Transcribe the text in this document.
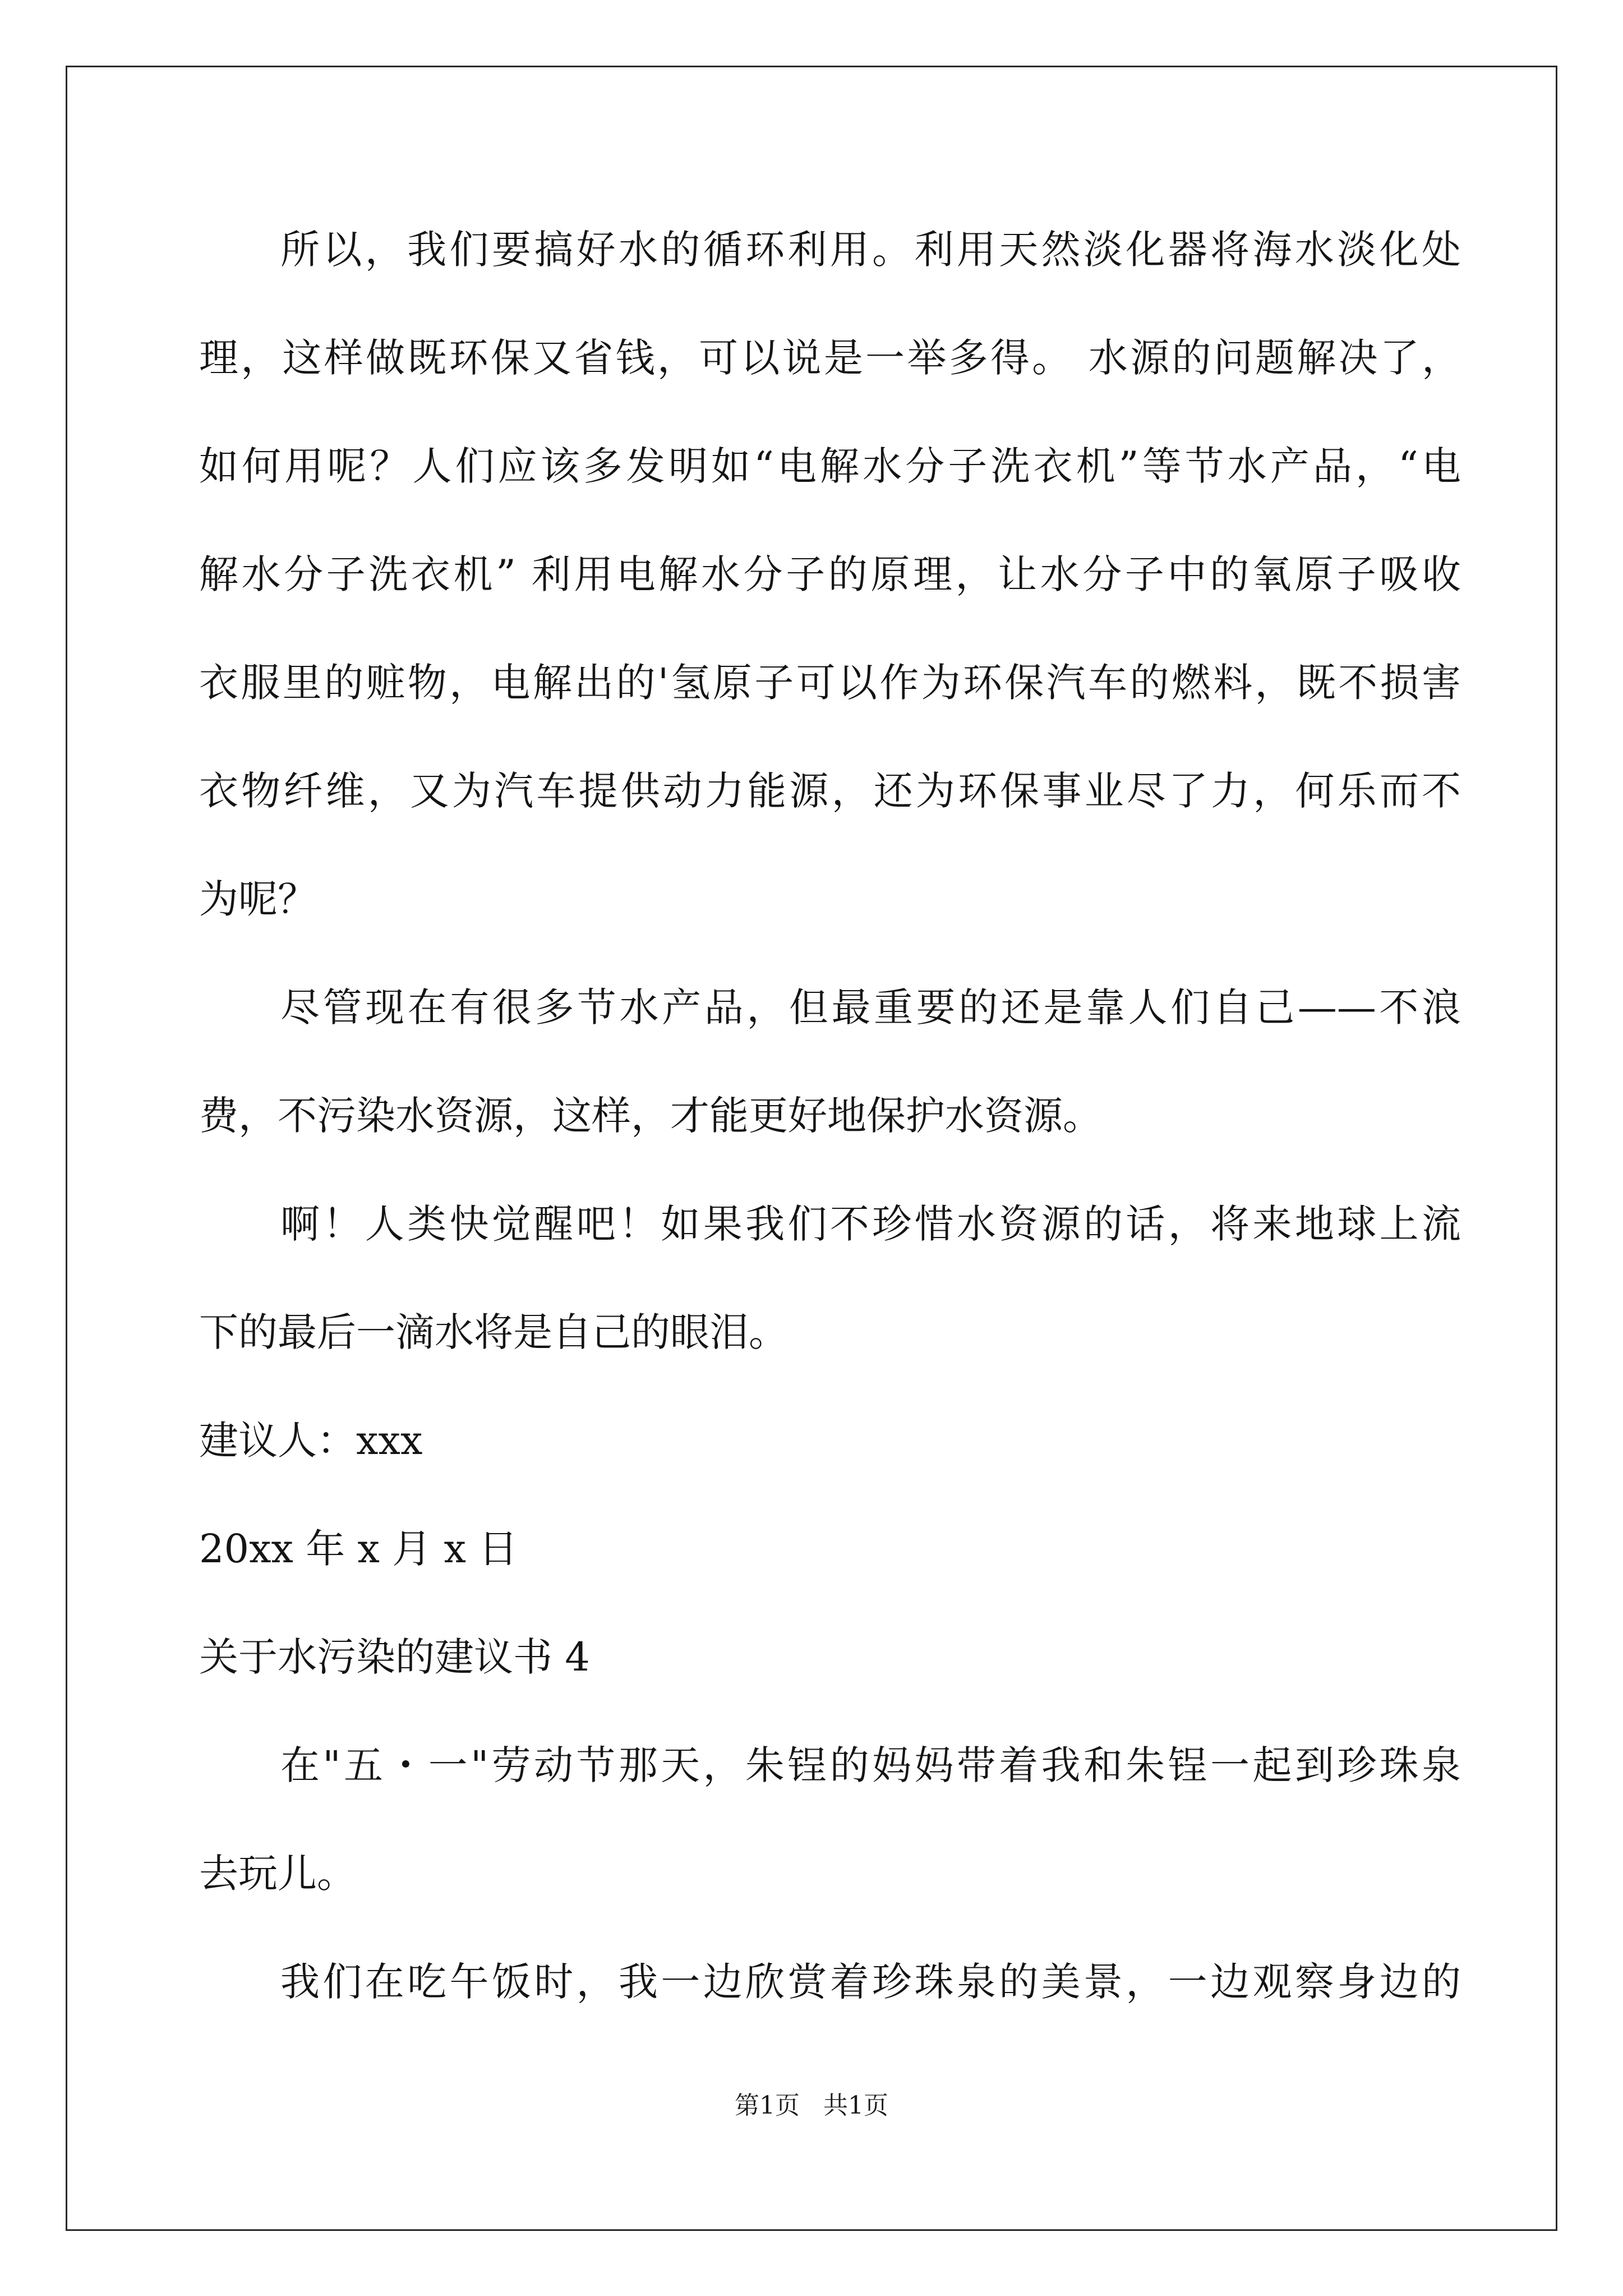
所以，我们要搞好水的循环利用。利用天然淡化器将海水淡化处
理，这样做既环保又省钱，可以说是一举多得。 水源的问题解决了，
如何用呢？人们应该多发明如“电解水分子洗衣机”等节水产品，“电
解水分子洗衣机” 利用电解水分子的原理，让水分子中的氧原子吸收
衣服里的赃物，电解出的'氢原子可以作为环保汽车的燃料，既不损害
衣物纤维，又为汽车提供动力能源，还为环保事业尽了力，何乐而不
为呢？
尽管现在有很多节水产品，但最重要的还是靠人们自己——不浪
费，不污染水资源，这样，才能更好地保护水资源。
啊！人类快觉醒吧！如果我们不珍惜水资源的话，将来地球上流
下的最后一滴水将是自己的眼泪。
建议人：xxx
20xx 年 x 月 x 日
关于水污染的建议书 4
在"五・一"劳动节那天，朱锃的妈妈带着我和朱锃一起到珍珠泉
去玩儿。
我们在吃午饭时，我一边欣赏着珍珠泉的美景，一边观察身边的
第1页   共1页
